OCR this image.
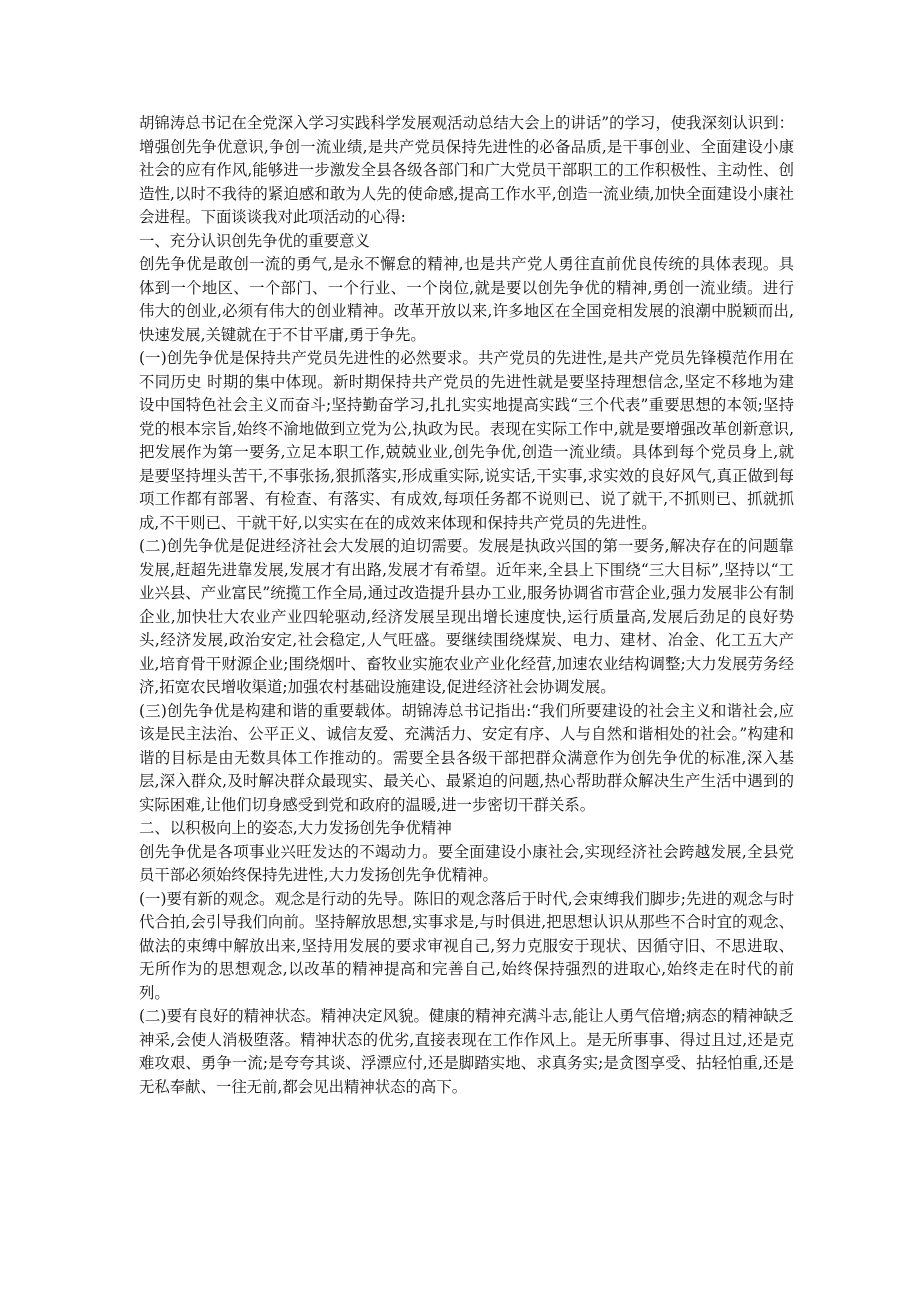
胡锦涛总书记在全党深入学习实践科学发展观活动总结大会上的讲话”的学习，使我深刻认识到：增强创先争优意识,争创一流业绩,是共产党员保持先进性的必备品质,是干事创业、全面建设小康社会的应有作风,能够进一步激发全县各级各部门和广大党员干部职工的工作积极性、主动性、创造性,以时不我待的紧迫感和敢为人先的使命感,提高工作水平,创造一流业绩,加快全面建设小康社会进程。下面谈谈我对此项活动的心得:

一、充分认识创先争优的重要意义

创先争优是敢创一流的勇气,是永不懈怠的精神,也是共产党人勇往直前优良传统的具体表现。具体到一个地区、一个部门、一个行业、一个岗位,就是要以创先争优的精神,勇创一流业绩。进行伟大的创业,必须有伟大的创业精神。改革开放以来,许多地区在全国竞相发展的浪潮中脱颖而出,快速发展,关键就在于不甘平庸,勇于争先。

(一)创先争优是保持共产党员先进性的必然要求。共产党员的先进性,是共产党员先锋模范作用在不同历史 时期的集中体现。新时期保持共产党员的先进性就是要坚持理想信念,坚定不移地为建设中国特色社会主义而奋斗;坚持勤奋学习,扎扎实实地提高实践“三个代表”重要思想的本领;坚持党的根本宗旨,始终不渝地做到立党为公,执政为民。表现在实际工作中,就是要增强改革创新意识,把发展作为第一要务,立足本职工作,兢兢业业,创先争优,创造一流业绩。具体到每个党员身上,就是要坚持埋头苦干,不事张扬,狠抓落实,形成重实际,说实话,干实事,求实效的良好风气,真正做到每项工作都有部署、有检查、有落实、有成效,每项任务都不说则已、说了就干,不抓则已、抓就抓成,不干则已、干就干好,以实实在在的成效来体现和保持共产党员的先进性。

(二)创先争优是促进经济社会大发展的迫切需要。发展是执政兴国的第一要务,解决存在的问题靠发展,赶超先进靠发展,发展才有出路,发展才有希望。近年来,全县上下围绕“三大目标”,坚持以“工业兴县、产业富民”统揽工作全局,通过改造提升县办工业,服务协调省市营企业,强力发展非公有制企业,加快壮大农业产业四轮驱动,经济发展呈现出增长速度快,运行质量高,发展后劲足的良好势头,经济发展,政治安定,社会稳定,人气旺盛。要继续围绕煤炭、电力、建材、冶金、化工五大产业,培育骨干财源企业;围绕烟叶、畜牧业实施农业产业化经营,加速农业结构调整;大力发展劳务经济,拓宽农民增收渠道;加强农村基础设施建设,促进经济社会协调发展。

(三)创先争优是构建和谐的重要载体。胡锦涛总书记指出:“我们所要建设的社会主义和谐社会,应该是民主法治、公平正义、诚信友爱、充满活力、安定有序、人与自然和谐相处的社会。”构建和谐的目标是由无数具体工作推动的。需要全县各级干部把群众满意作为创先争优的标准,深入基层,深入群众,及时解决群众最现实、最关心、最紧迫的问题,热心帮助群众解决生产生活中遇到的实际困难,让他们切身感受到党和政府的温暖,进一步密切干群关系。

二、以积极向上的姿态,大力发扬创先争优精神

创先争优是各项事业兴旺发达的不竭动力。要全面建设小康社会,实现经济社会跨越发展,全县党员干部必须始终保持先进性,大力发扬创先争优精神。

(一)要有新的观念。观念是行动的先导。陈旧的观念落后于时代,会束缚我们脚步;先进的观念与时代合拍,会引导我们向前。坚持解放思想,实事求是,与时俱进,把思想认识从那些不合时宜的观念、做法的束缚中解放出来,坚持用发展的要求审视自己,努力克服安于现状、因循守旧、不思进取、无所作为的思想观念,以改革的精神提高和完善自己,始终保持强烈的进取心,始终走在时代的前列。

(二)要有良好的精神状态。精神决定风貌。健康的精神充满斗志,能让人勇气倍增;病态的精神缺乏神采,会使人消极堕落。精神状态的优劣,直接表现在工作作风上。是无所事事、得过且过,还是克难攻艰、勇争一流;是夸夸其谈、浮漂应付,还是脚踏实地、求真务实;是贪图享受、拈轻怕重,还是无私奉献、一往无前,都会见出精神状态的高下。
